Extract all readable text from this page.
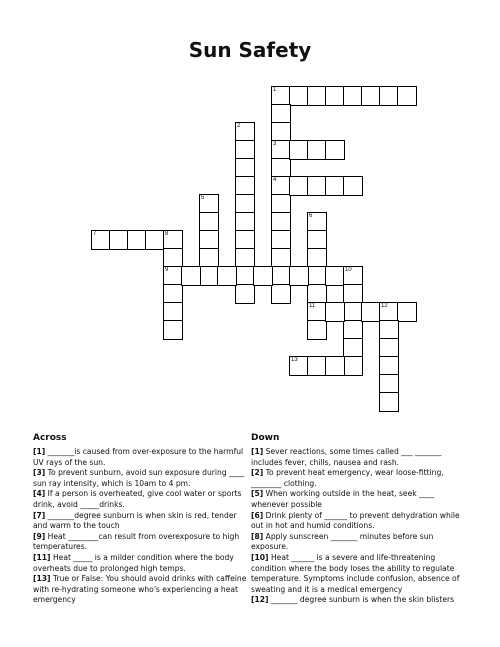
Sun Safety
1
3
4
2
5
6
11
7	8
9	10
12
13
Across

[1] _______is caused from over-exposure to the harmful UV rays of the sun.

[3] To prevent sunburn, avoid sun exposure during ____ sun ray intensity, which is 10am to 4 pm.

[4] If a person is overheated, give cool water or sports drink, avoid _____drinks.

[7] _______degree sunburn is when skin is red, tender and warm to the touch

[9] Heat ________can result from overexposure to high temperatures.

[11] Heat _____ is a milder condition where the body overheats due to prolonged high temps.

[13] True or False: You should avoid drinks with caffeine with re-hydrating someone who's experiencing a heat emergency

Down

[1] Sever reactions, some times called ___ _______ includes fever, chills, nausea and rash.

[2] To prevent heat emergency, wear loose-fitting, ________ clothing.

[5] When working outside in the heat, seek ____ whenever possible

[6] Drink plenty of ______ to prevent dehydration while out in hot and humid conditions.

[8] Apply sunscreen _______ minutes before sun exposure.

[10] Heat ______ is a severe and life-threatening condition where the body loses the ability to regulate temperature. Symptoms include confusion, absence of sweating and it is a medical emergency

[12] _______ degree sunburn is when the skin blisters
